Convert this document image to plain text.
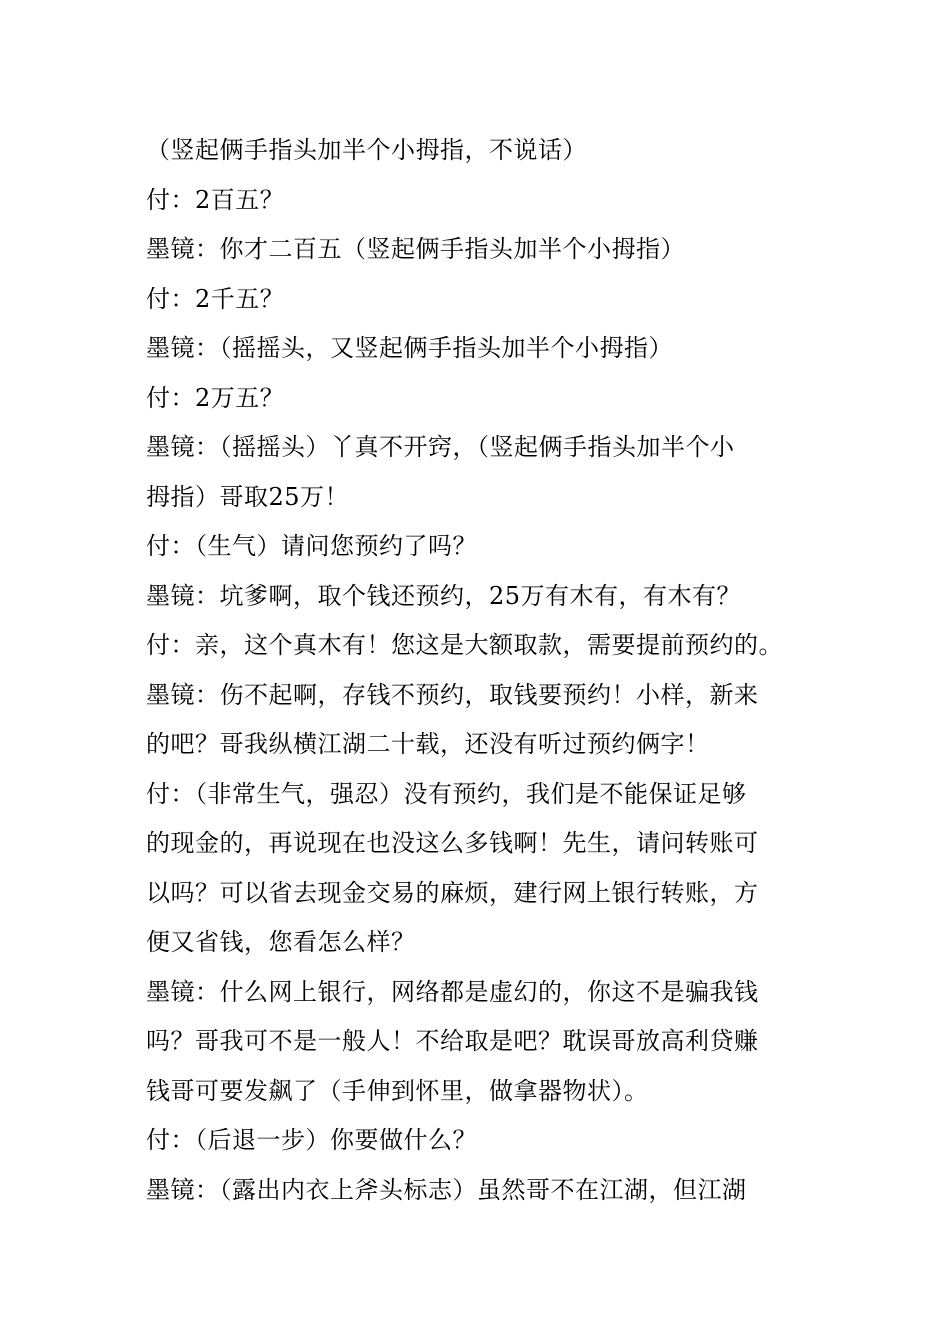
（竖起俩手指头加半个小拇指，不说话）
付：2百五？
墨镜：你才二百五（竖起俩手指头加半个小拇指）
付：2千五？
墨镜：（摇摇头，又竖起俩手指头加半个小拇指）
付：2万五？
墨镜：（摇摇头）丫真不开窍，（竖起俩手指头加半个小
拇指）哥取25万！
付：（生气）请问您预约了吗？
墨镜：坑爹啊，取个钱还预约，25万有木有，有木有？
付：亲，这个真木有！您这是大额取款，需要提前预约的。
墨镜：伤不起啊，存钱不预约，取钱要预约！小样，新来
的吧？哥我纵横江湖二十载，还没有听过预约俩字！
付：（非常生气，强忍）没有预约，我们是不能保证足够
的现金的，再说现在也没这么多钱啊！先生，请问转账可
以吗？可以省去现金交易的麻烦，建行网上银行转账，方
便又省钱，您看怎么样？
墨镜：什么网上银行，网络都是虚幻的，你这不是骗我钱
吗？哥我可不是一般人！不给取是吧？耽误哥放高利贷赚
钱哥可要发飙了（手伸到怀里，做拿器物状）。
付：（后退一步）你要做什么？
墨镜：（露出内衣上斧头标志）虽然哥不在江湖，但江湖
